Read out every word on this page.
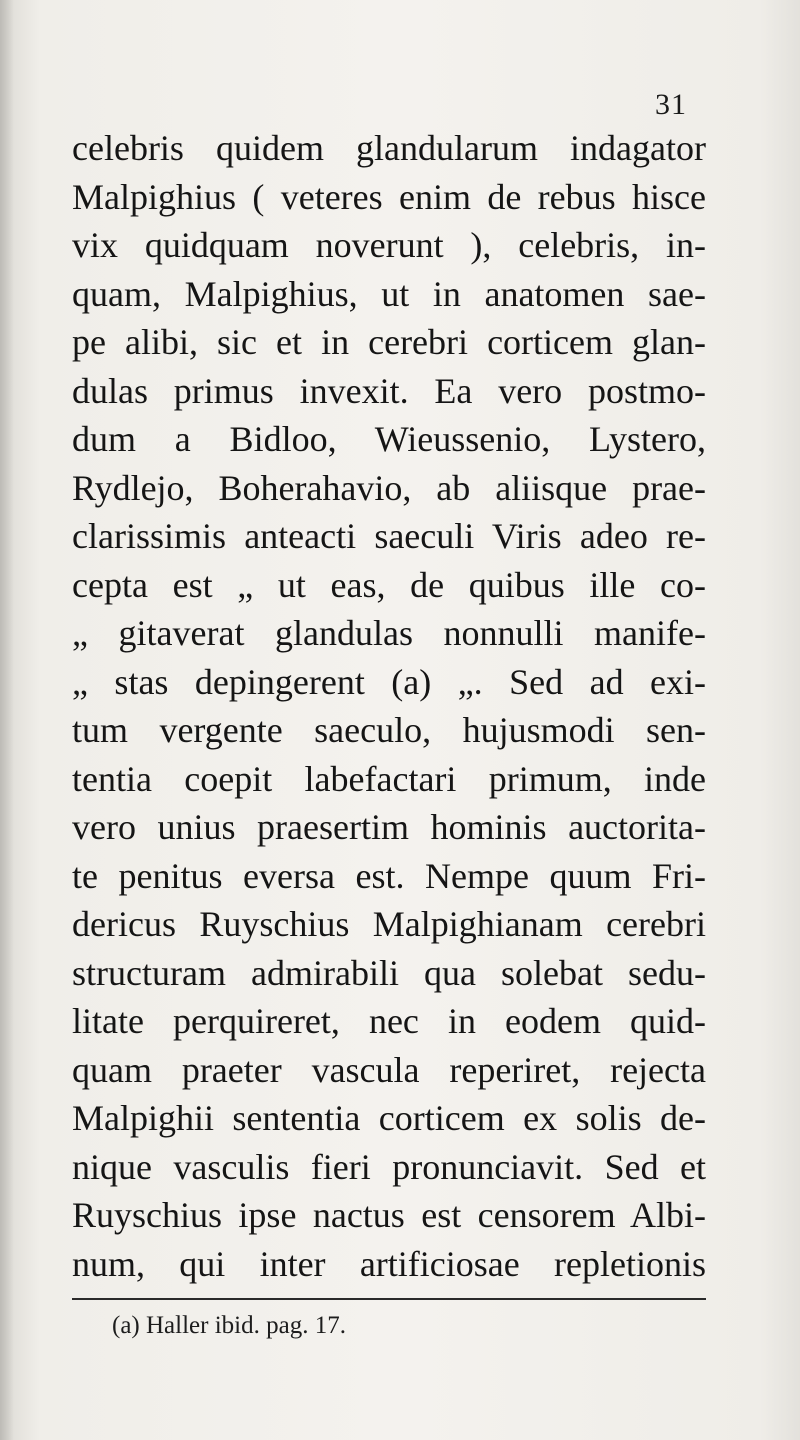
31
celebris quidem glandularum indagator
Malpighius ( veteres enim de rebus hisce
vix quidquam noverunt ), celebris, in-
quam, Malpighius, ut in anatomen sae-
pe alibi, sic et in cerebri corticem glan-
dulas primus invexit. Ea vero postmo-
dum a Bidloo, Wieussenio, Lystero,
Rydlejo, Boherahavio, ab aliisque prae-
clarissimis anteacti saeculi Viris adeo re-
cepta est „ ut eas, de quibus ille co-
„ gitaverat glandulas nonnulli manife-
„ stas depingerent (a) „. Sed ad exi-
tum vergente saeculo, hujusmodi sen-
tentia coepit labefactari primum, inde
vero unius praesertim hominis auctorita-
te penitus eversa est. Nempe quum Fri-
dericus Ruyschius Malpighianam cerebri
structuram admirabili qua solebat sedu-
litate perquireret, nec in eodem quid-
quam praeter vascula reperiret, rejecta
Malpighii sententia corticem ex solis de-
nique vasculis fieri pronunciavit. Sed et
Ruyschius ipse nactus est censorem Albi-
num, qui inter artificiosae repletionis
(a) Haller ibid. pag. 17.
